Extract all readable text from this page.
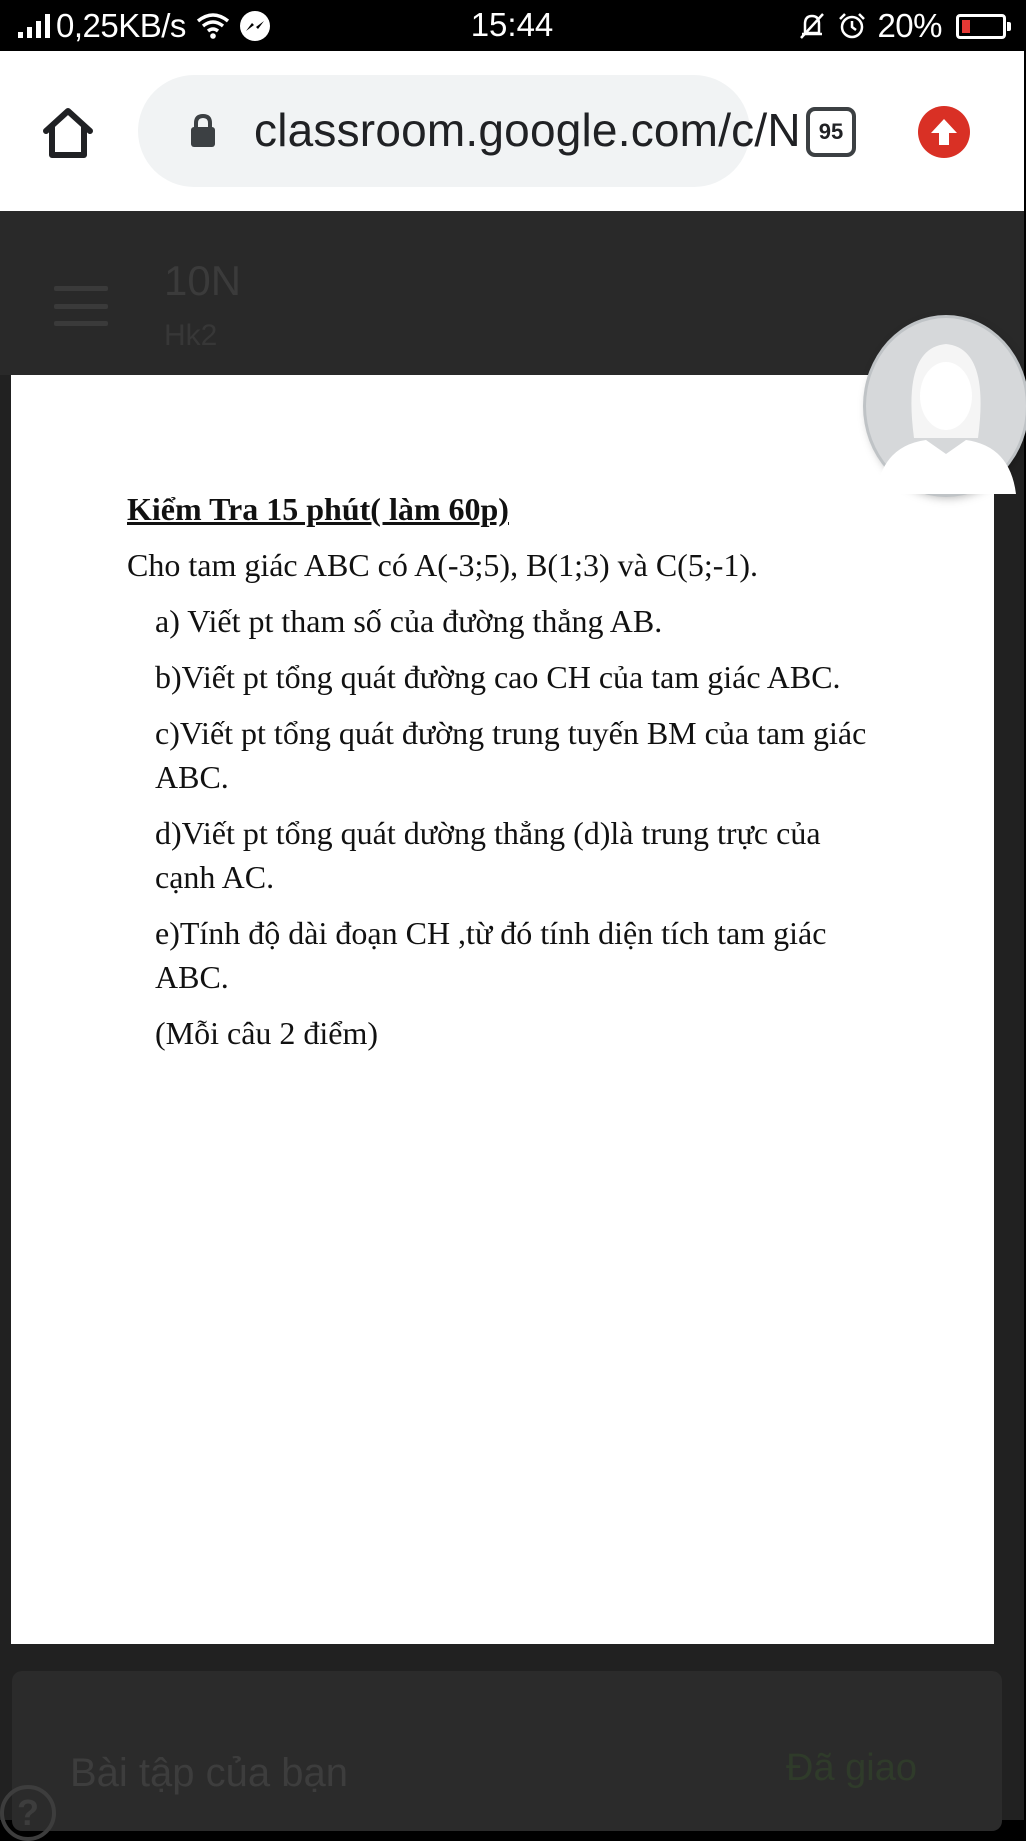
0,25KB/s	15:44	20%
classroom.google.com/c/N 95
10N
Hk2
Bài tập của bạn	Đã giao
?
Kiểm Tra 15 phút( làm 60p)
Cho tam giác ABC có A(-3;5), B(1;3) và C(5;-1).
a) Viết pt tham số của đường thẳng AB.
b)Viết pt tổng quát đường cao CH của tam giác ABC.
c)Viết pt tổng quát đường trung tuyến BM của tam giác ABC.
d)Viết pt tổng quát dường thẳng (d)là trung trực của cạnh AC.
e)Tính độ dài đoạn CH ,từ đó tính diện tích tam giác ABC.
(Mỗi câu 2 điểm)
